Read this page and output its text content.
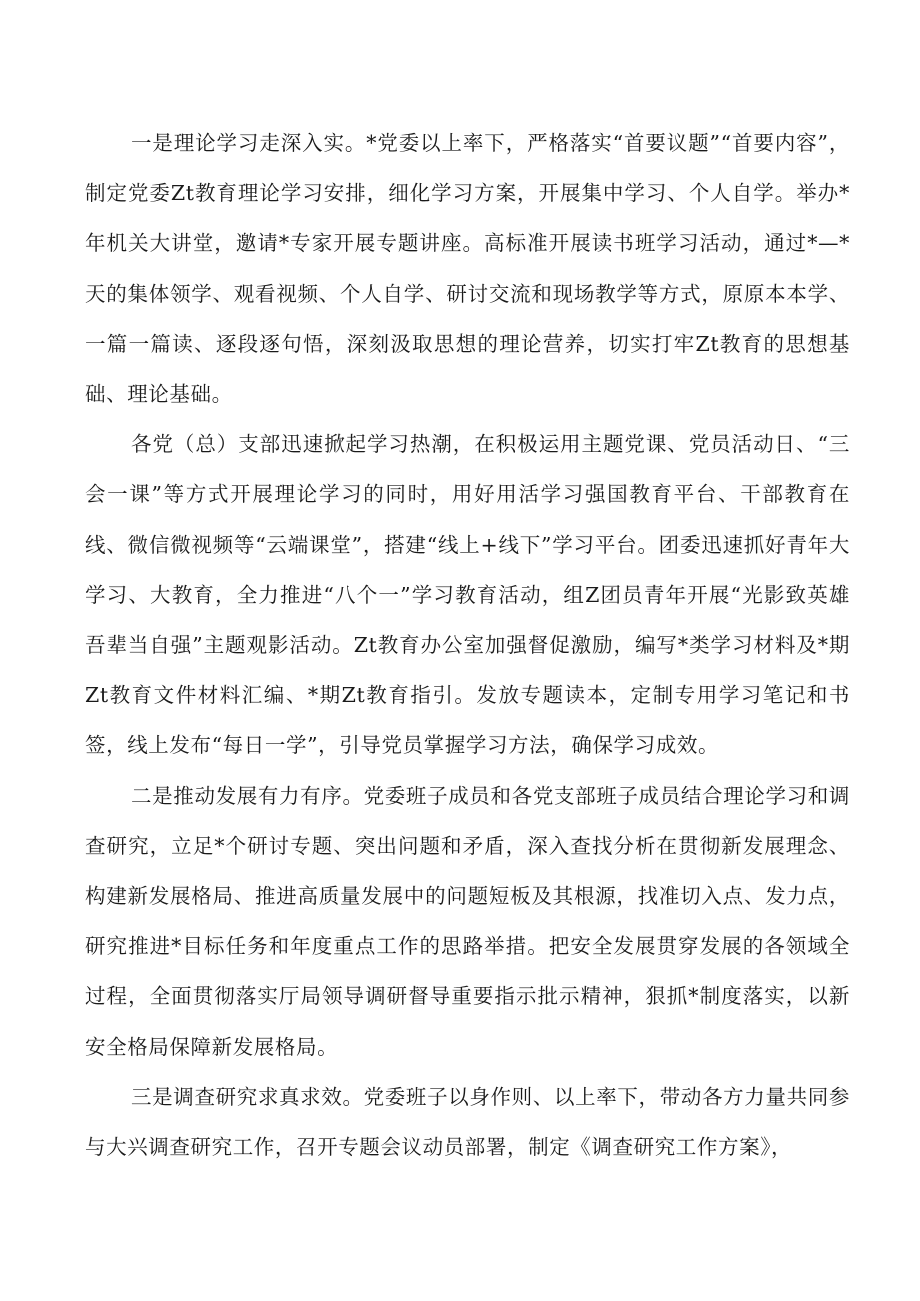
一是理论学习走深入实。*党委以上率下，严格落实“首要议题”“首要内容”，制定党委Zt教育理论学习安排，细化学习方案，开展集中学习、个人自学。举办*年机关大讲堂，邀请*专家开展专题讲座。高标准开展读书班学习活动，通过*—*天的集体领学、观看视频、个人自学、研讨交流和现场教学等方式，原原本本学、一篇一篇读、逐段逐句悟，深刻汲取思想的理论营养，切实打牢Zt教育的思想基础、理论基础。

各党（总）支部迅速掀起学习热潮，在积极运用主题党课、党员活动日、“三会一课”等方式开展理论学习的同时，用好用活学习强国教育平台、干部教育在线、微信微视频等“云端课堂”，搭建“线上+线下”学习平台。团委迅速抓好青年大学习、大教育，全力推进“八个一”学习教育活动，组Z团员青年开展“光影致英雄吾辈当自强”主题观影活动。Zt教育办公室加强督促激励，编写*类学习材料及*期Zt教育文件材料汇编、*期Zt教育指引。发放专题读本，定制专用学习笔记和书签，线上发布“每日一学”，引导党员掌握学习方法，确保学习成效。

二是推动发展有力有序。党委班子成员和各党支部班子成员结合理论学习和调查研究，立足*个研讨专题、突出问题和矛盾，深入查找分析在贯彻新发展理念、构建新发展格局、推进高质量发展中的问题短板及其根源，找准切入点、发力点，研究推进*目标任务和年度重点工作的思路举措。把安全发展贯穿发展的各领域全过程，全面贯彻落实厅局领导调研督导重要指示批示精神，狠抓*制度落实，以新安全格局保障新发展格局。

三是调查研究求真求效。党委班子以身作则、以上率下，带动各方力量共同参与大兴调查研究工作，召开专题会议动员部署，制定《调查研究工作方案》，
